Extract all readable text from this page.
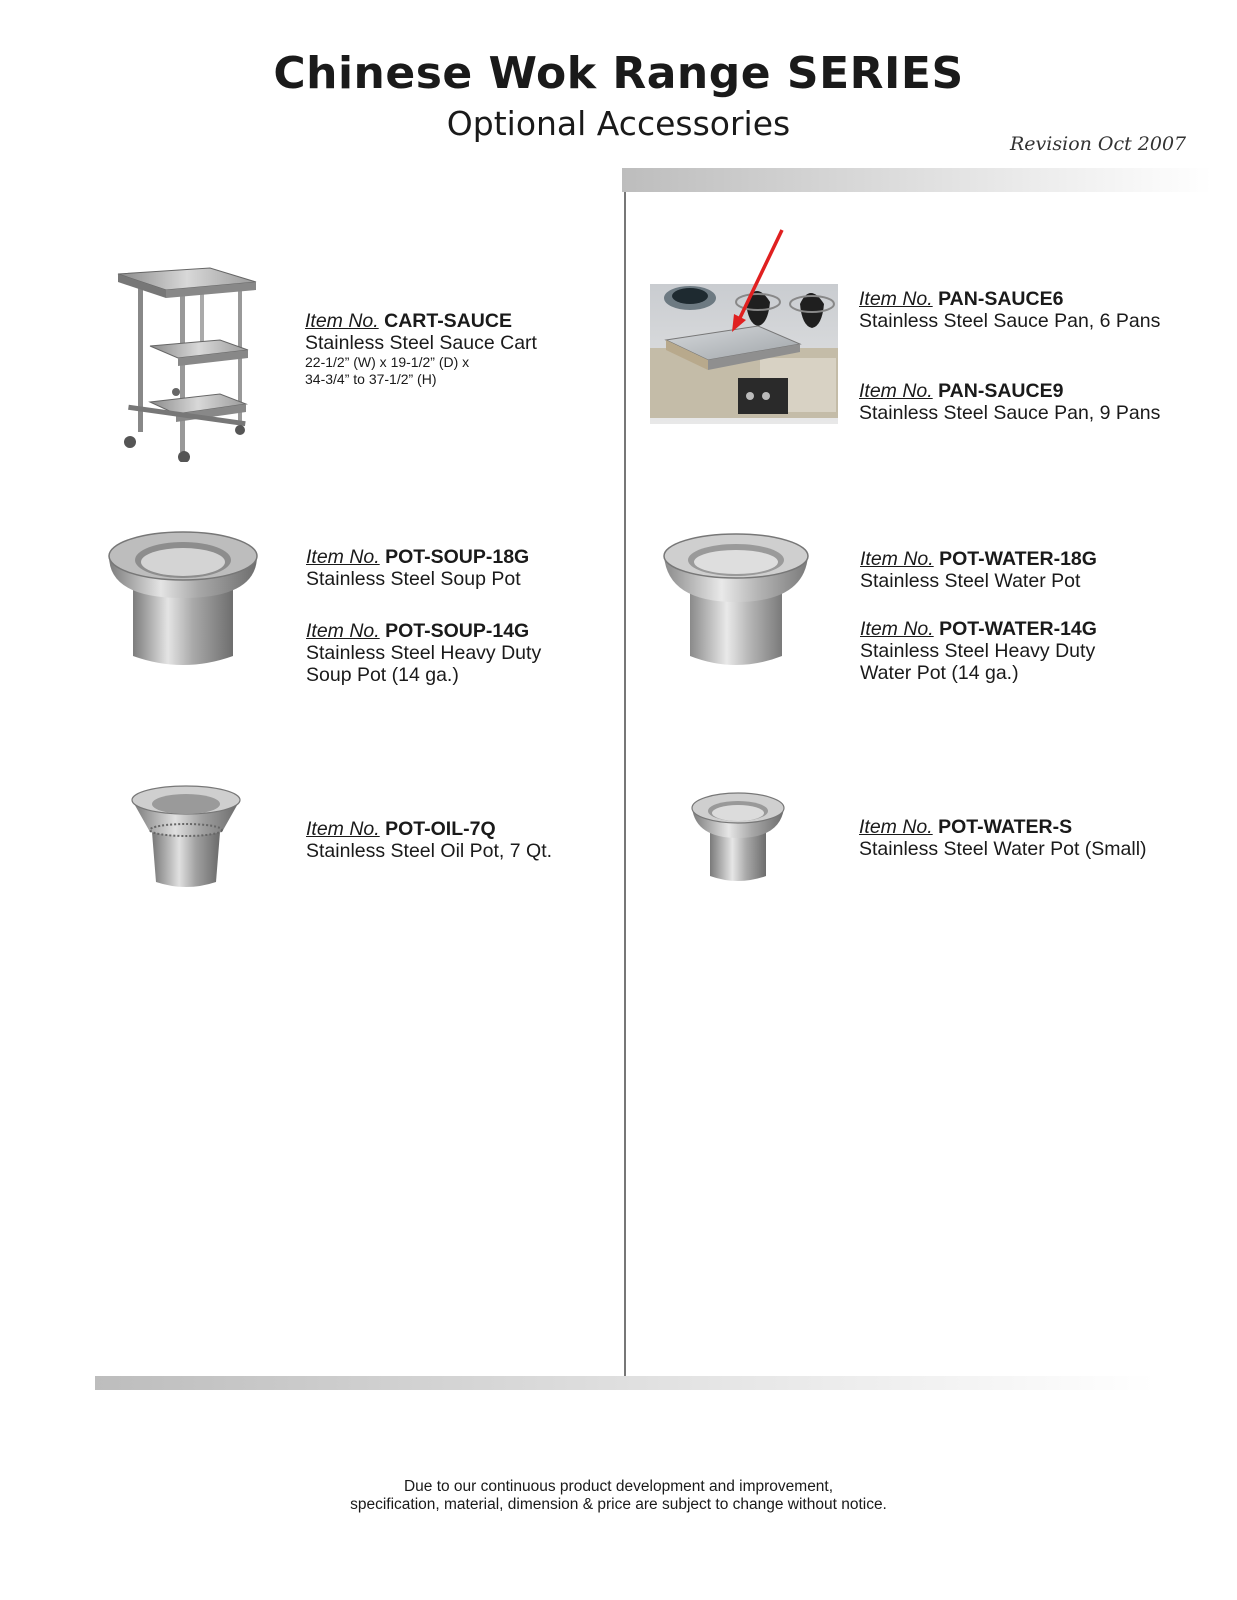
Chinese Wok Range SERIES
Optional Accessories
Revision Oct 2007
Item No. CART-SAUCE
Stainless Steel Sauce Cart
22-1/2” (W) x 19-1/2” (D) x
34-3/4” to 37-1/2” (H)
Item No. PAN-SAUCE6
Stainless Steel Sauce Pan, 6 Pans
Item No. PAN-SAUCE9
Stainless Steel Sauce Pan, 9 Pans
Item No. POT-SOUP-18G
Stainless Steel Soup Pot
Item No. POT-SOUP-14G
Stainless Steel Heavy Duty
Soup Pot (14 ga.)
Item No. POT-WATER-18G
Stainless Steel Water Pot
Item No. POT-WATER-14G
Stainless Steel Heavy Duty
Water Pot (14 ga.)
Item No. POT-OIL-7Q
Stainless Steel Oil Pot, 7 Qt.
Item No. POT-WATER-S
Stainless Steel Water Pot (Small)
Due to our continuous product development and improvement,
specification, material, dimension & price are subject to change without notice.
